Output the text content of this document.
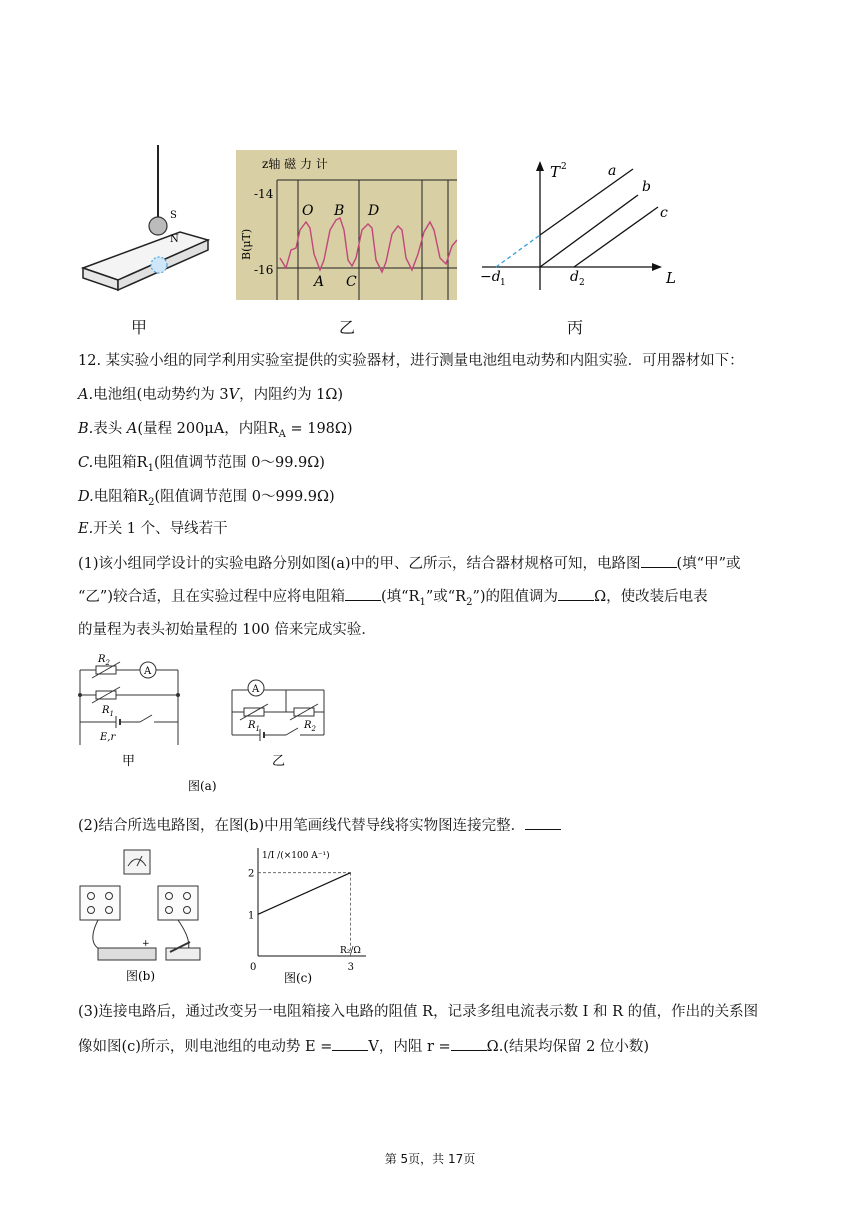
S
N
甲
z轴 磁 力 计
-14
-16
B(μT)
O B D
A C
乙
T 2
L
a
b
c
−d 1	d 2
丙
12. 某实验小组的同学利用实验室提供的实验器材，进行测量电池组电动势和内阻实验．可用器材如下：
A.电池组(电动势约为 3V，内阻约为 1Ω)
B.表头 A(量程 200μA，内阻$R_A = 198\Omega$)
C.电阻箱$R_1$(阻值调节范围 0～99.9Ω)
D.电阻箱$R_2$(阻值调节范围 0～999.9Ω)
E.开关 1 个、导线若干
(1)该小组同学设计的实验电路分别如图(a)中的甲、乙所示，结合器材规格可知，电路图 (填“甲”或
“乙”)较合适，且在实验过程中应将电阻箱 (填“$R_1$”或“$R_2$”)的阻值调为 Ω，使改装后电表
的量程为表头初始量程的 100 倍来完成实验．
A
$R_2$
$R_1$
E,r
甲
A
$R_1$	$R_2$
乙
图(a)
(2)结合所选电路图，在图(b)中用笔画线代替导线将实物图连接完整．
+
图(b)
1/I /(×100 A⁻¹)
R₂/Ω
1
2
0	3
图(c)
(3)连接电路后，通过改变另一电阻箱接入电路的阻值 R，记录多组电流表示数 I 和 R 的值，作出的关系图
像如图(c)所示，则电池组的电动势 E = V，内阻 r = Ω.(结果均保留 2 位小数)
第 5页，共 17页
